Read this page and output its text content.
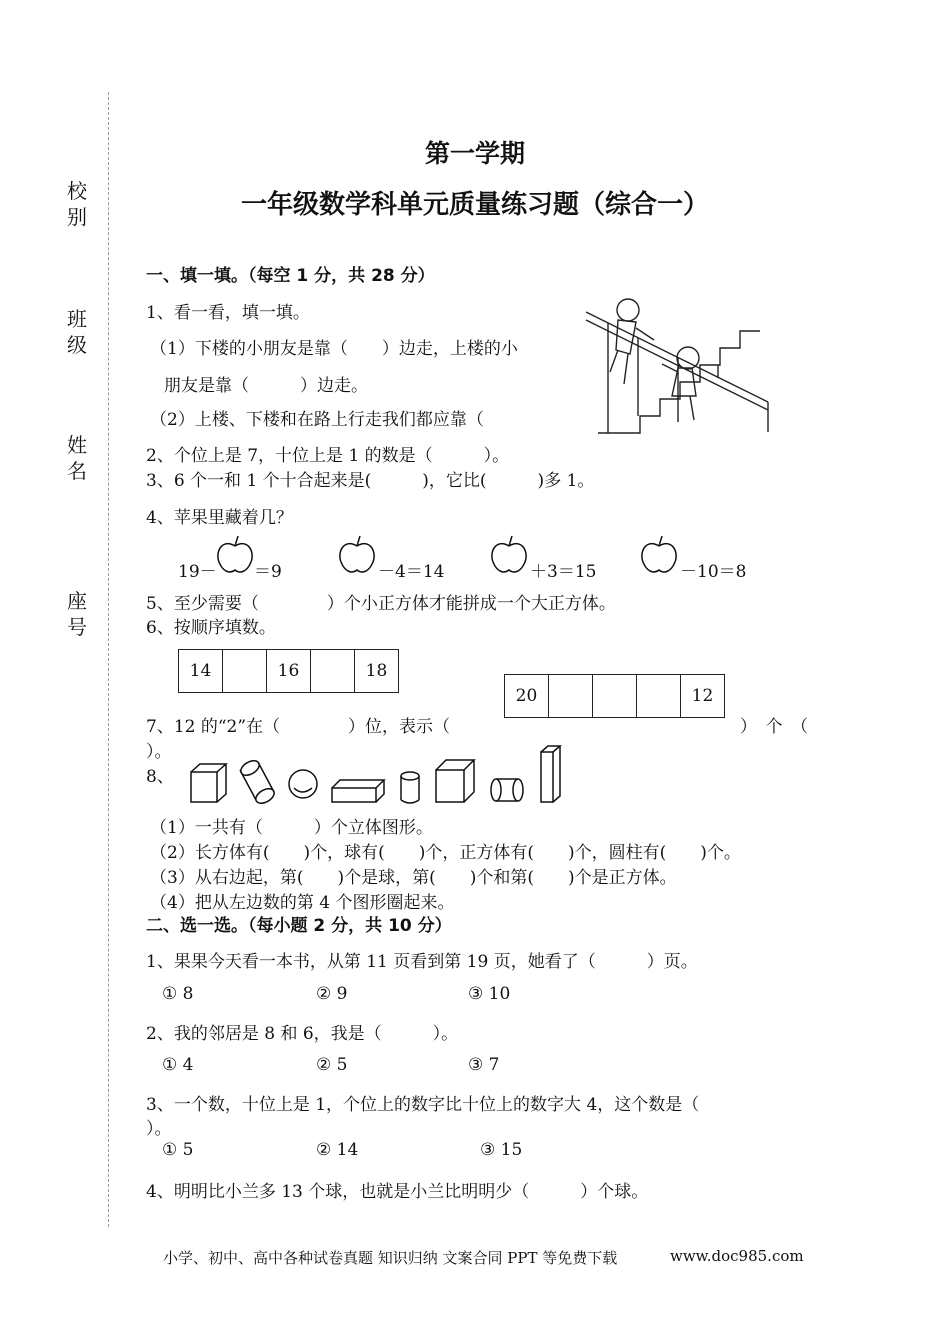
校
别
班
级
姓
名
座
号
第一学期
一年级数学科单元质量练习题（综合一）
一、填一填。（每空 1 分，共 28 分）
1、看一看，填一填。
（1）下楼的小朋友是靠（　　）边走，上楼的小
朋友是靠（　　　）边走。
（2）上楼、下楼和在路上行走我们都应靠（
2、个位上是 7，十位上是 1 的数是（　　　）。
3、6 个一和 1 个十合起来是(　　　)，它比(　　　)多 1。
4、苹果里藏着几？
19－ ＝9	－4＝14	＋3＝15	－10＝8
5、至少需要（　　　　）个小正方体才能拼成一个大正方体。
6、按顺序填数。
14		16		18
20				12
7、12 的“2”在（　　　　）位，表示（	）　个　（
）。
8、
（1）一共有（　　　）个立体图形。
（2）长方体有(　　)个，球有(　　)个，正方体有(　　)个，圆柱有(　　)个。
（3）从右边起，第(　　)个是球，第(　　)个和第(　　)个是正方体。
（4）把从左边数的第 4 个图形圈起来。
二、选一选。（每小题 2 分，共 10 分）
1、果果今天看一本书，从第 11 页看到第 19 页，她看了（　　　）页。
① 8	② 9	③ 10
2、我的邻居是 8 和 6，我是（　　　）。
① 4	② 5	③ 7
3、一个数，十位上是 1，个位上的数字比十位上的数字大 4，这个数是（
）。
① 5	② 14	③ 15
4、明明比小兰多 13 个球，也就是小兰比明明少（　　　）个球。
小学、初中、高中各种试卷真题 知识归纳 文案合同 PPT 等免费下载	www.doc985.com
